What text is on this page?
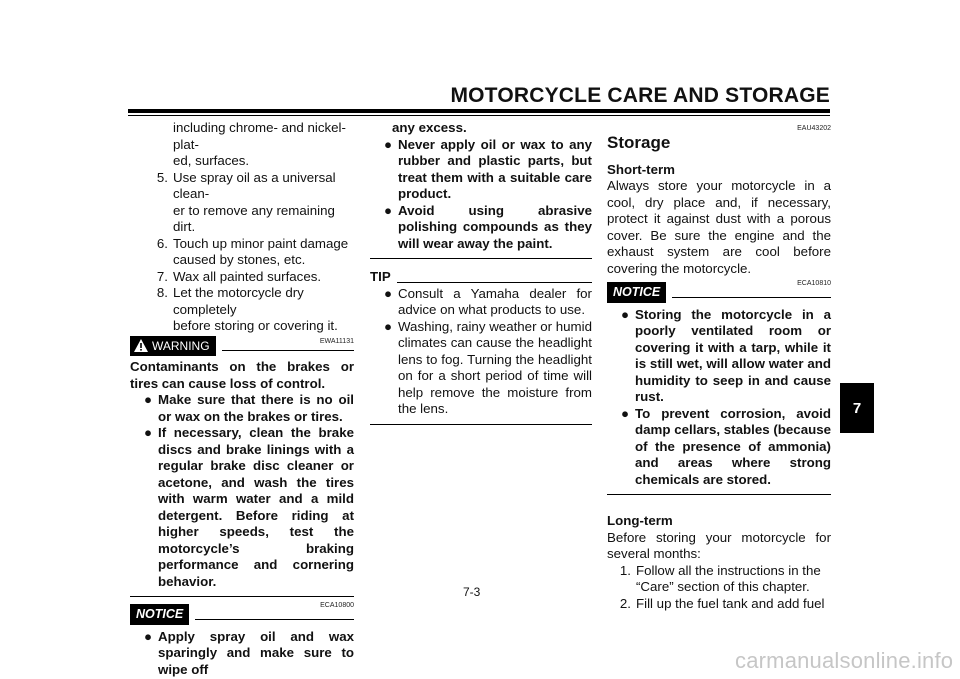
MOTORCYCLE CARE AND STORAGE
including chrome- and nickel-plat-
ed, surfaces.
5. Use spray oil as a universal clean-
er to remove any remaining dirt.
6. Touch up minor paint damage
caused by stones, etc.
7. Wax all painted surfaces.
8. Let the motorcycle dry completely
before storing or covering it.
EWA11131
WARNING
Contaminants on the brakes or tires can cause loss of control.
● Make sure that there is no oil or wax on the brakes or tires.
● If necessary, clean the brake discs and brake linings with a regular brake disc cleaner or acetone, and wash the tires with warm water and a mild detergent. Before riding at higher speeds, test the motorcycle’s braking performance and cornering behavior.
ECA10800
NOTICE
● Apply spray oil and wax sparingly and make sure to wipe off
any excess.
● Never apply oil or wax to any rubber and plastic parts, but treat them with a suitable care product.
● Avoid using abrasive polishing compounds as they will wear away the paint.
TIP
● Consult a Yamaha dealer for advice on what products to use.
● Washing, rainy weather or humid climates can cause the headlight lens to fog. Turning the headlight on for a short period of time will help remove the moisture from the lens.
EAU43202
Storage
Short-term
Always store your motorcycle in a cool, dry place and, if necessary, protect it against dust with a porous cover. Be sure the engine and the exhaust system are cool before covering the motorcycle.
ECA10810
NOTICE
● Storing the motorcycle in a poorly ventilated room or covering it with a tarp, while it is still wet, will allow water and humidity to seep in and cause rust.
● To prevent corrosion, avoid damp cellars, stables (because of the presence of ammonia) and areas where strong chemicals are stored.
Long-term
Before storing your motorcycle for several months:
1. Follow all the instructions in the
“Care” section of this chapter.
2. Fill up the fuel tank and add fuel
7
7-3
carmanualsonline.info
